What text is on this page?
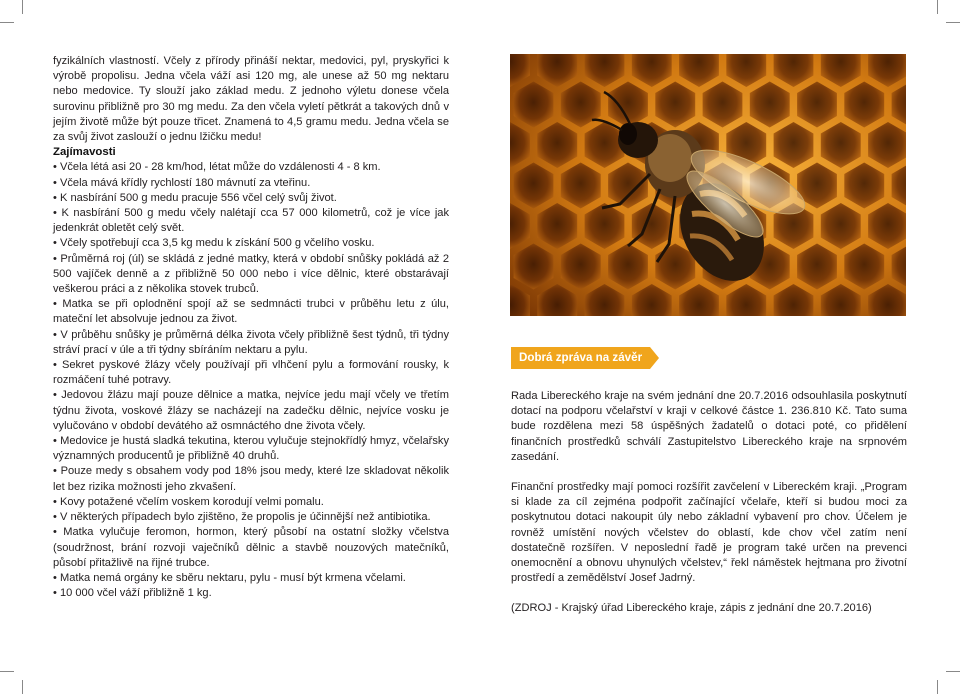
fyzikálních vlastností. Včely z přírody přináší nektar, medovici, pyl, pryskyřici k výrobě propolisu. Jedna včela váží asi 120 mg, ale unese až 50 mg nektaru nebo medovice. Ty slouží jako základ medu. Z jednoho výletu donese včela surovinu přibližně pro 30 mg medu. Za den včela vyletí pětkrát a takových dnů v jejím životě může být pouze třicet. Znamená to 4,5 gramu medu. Jedna včela se za svůj život zaslouží o jednu lžičku medu!

Zajímavosti

• Včela létá asi 20 - 28 km/hod, létat může do vzdálenosti 4 - 8 km.

• Včela mává křídly rychlostí 180 mávnutí za vteřinu.

• K nasbírání 500 g medu pracuje 556 včel celý svůj život.

• K nasbírání 500 g medu včely nalétají cca 57 000 kilometrů, což je více jak jedenkrát obletět celý svět.

• Včely spotřebují cca 3,5 kg medu k získání 500 g včelího vosku.

• Průměrná roj (úl) se skládá z jedné matky, která v období snůšky pokládá až 2 500 vajíček denně a z přibližně 50 000 nebo i více dělnic, které obstarávají veškerou práci a z několika stovek trubců.

• Matka se při oplodnění spojí až se sedmnácti trubci v průběhu letu z úlu, mateční let absolvuje jednou za život.

• V průběhu snůšky je průměrná délka života včely přibližně šest týdnů, tři týdny stráví prací v úle a tři týdny sbíráním nektaru a pylu.

• Sekret pyskové žlázy včely používají při vlhčení pylu a formování rousky, k rozmáčení tuhé potravy.

• Jedovou žlázu mají pouze dělnice a matka, nejvíce jedu mají včely ve třetím týdnu života, voskové žlázy se nacházejí na zadečku dělnic, nejvíce vosku je vylučováno v období devátého až osmnáctého dne života včely.

• Medovice je hustá sladká tekutina, kterou vylučuje stejnokřídlý hmyz, včelařsky významných producentů je přibližně 40 druhů.

• Pouze medy s obsahem vody pod 18% jsou medy, které lze skladovat několik let bez rizika možnosti jeho zkvašení.

• Kovy potažené včelím voskem korodují velmi pomalu.

• V některých případech bylo zjištěno, že propolis je účinnější než antibiotika.

• Matka vylučuje feromon, hormon, který působí na ostatní složky včelstva (soudržnost, brání rozvoji vaječníků dělnic a stavbě nouzových matečníků, působí přitažlivě na řijné trubce.

• Matka nemá orgány ke sběru nektaru, pylu - musí být krmena včelami.

• 10 000 včel váží přibližně 1 kg.

Dobrá zpráva na závěr

Rada Libereckého kraje na svém jednání dne 20.7.2016 odsouhlasila poskytnutí dotací na podporu včelařství v kraji v celkové částce 1. 236.810 Kč. Tato suma bude rozdělena mezi 58 úspěšných žadatelů o dotaci poté, co přidělení finančních prostředků schválí Zastupitelstvo Libereckého kraje na srpnovém zasedání.

Finanční prostředky mají pomoci rozšířit zavčelení v Libereckém kraji. „Program si klade za cíl zejména podpořit začínající včelaře, kteří si budou moci za poskytnutou dotaci nakoupit úly nebo základní vybavení pro chov. Účelem je rovněž umístění nových včelstev do oblastí, kde chov včel zatím není dostatečně rozšířen. V neposlední řadě je program také určen na prevenci onemocnění a obnovu uhynulých včelstev,“ řekl náměstek hejtmana pro životní prostředí a zemědělství Josef Jadrný.

(ZDROJ - Krajský úřad Libereckého kraje, zápis z jednání dne 20.7.2016)
